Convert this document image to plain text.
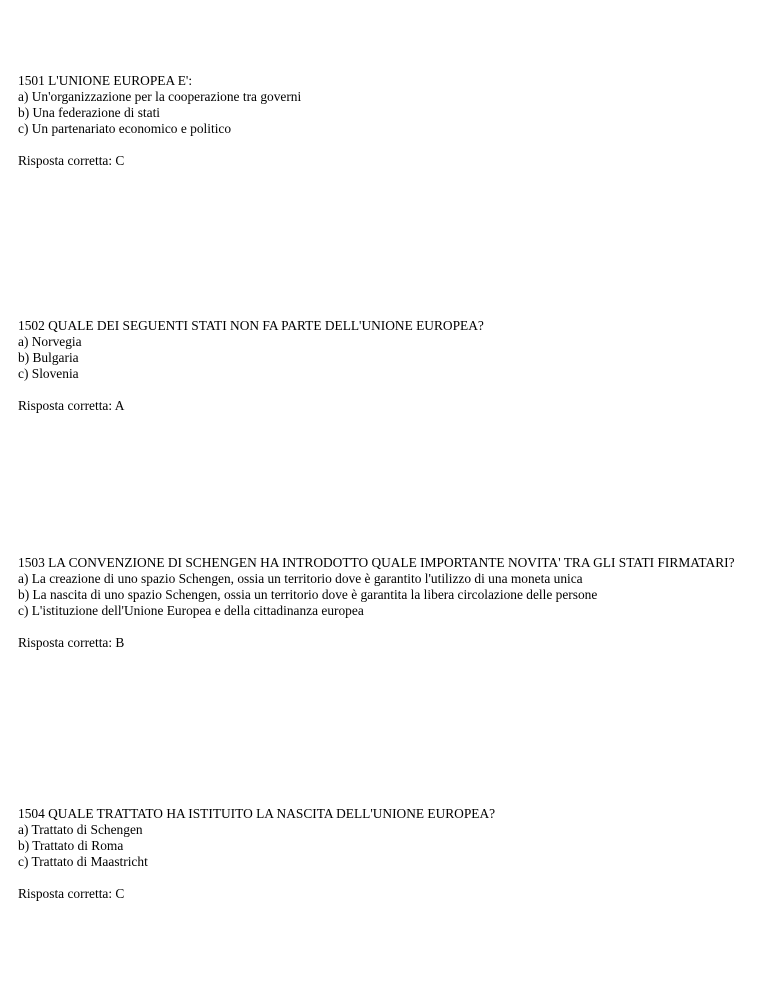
1501 L'UNIONE EUROPEA E':

a) Un'organizzazione per la cooperazione tra governi
b) Una federazione di stati
c) Un partenariato economico e politico

Risposta corretta: C

1502 QUALE DEI SEGUENTI STATI NON FA PARTE DELL'UNIONE EUROPEA?

a) Norvegia
b) Bulgaria
c) Slovenia

Risposta corretta: A

1503 LA CONVENZIONE DI SCHENGEN HA INTRODOTTO QUALE IMPORTANTE NOVITA' TRA GLI STATI FIRMATARI?

a) La creazione di uno spazio Schengen, ossia un territorio dove è garantito l'utilizzo di una moneta unica
b) La nascita di uno spazio Schengen, ossia un territorio dove è garantita la libera circolazione delle persone
c) L'istituzione dell'Unione Europea e della cittadinanza europea

Risposta corretta: B

1504 QUALE TRATTATO HA ISTITUITO LA NASCITA DELL'UNIONE EUROPEA?

a) Trattato di Schengen
b) Trattato di Roma
c) Trattato di Maastricht

Risposta corretta: C
